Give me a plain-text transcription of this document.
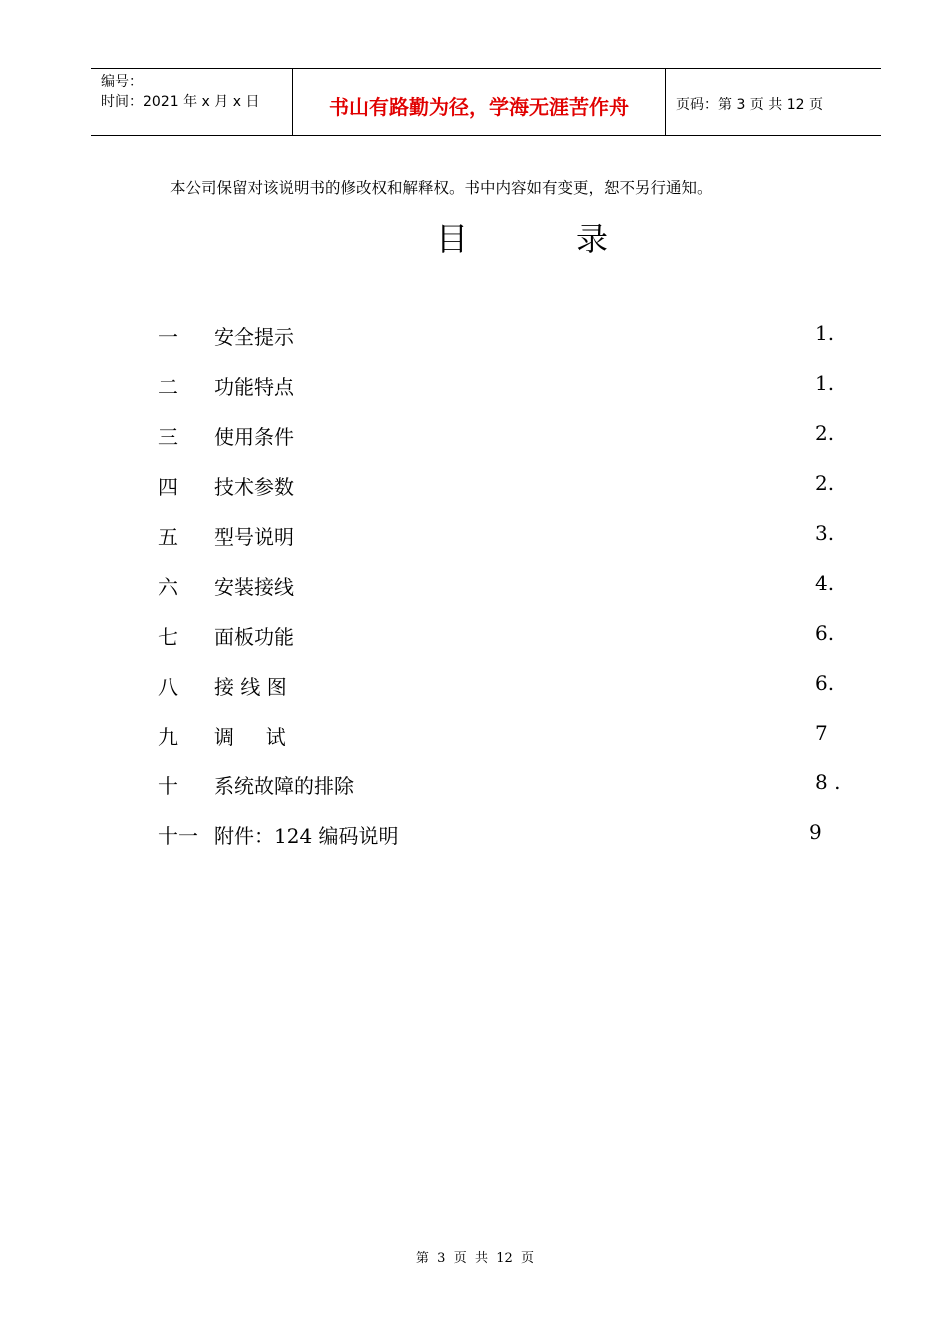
编号：
时间：2021 年 x 月 x 日	书山有路勤为径，学海无涯苦作舟	页码：第 3 页 共 12 页
本公司保留对该说明书的修改权和解释权。书中内容如有变更，恕不另行通知。
目	录
一 安全提示	1.
二 功能特点	1.
三 使用条件	2.
四 技术参数	2.
五 型号说明	3.
六 安装接线	4.
七 面板功能	6.
八 接 线 图	6.
九 调     试	7
十 系统故障的排除	8 .
十一 附件：124 编码说明	9
第  3  页  共  12  页
